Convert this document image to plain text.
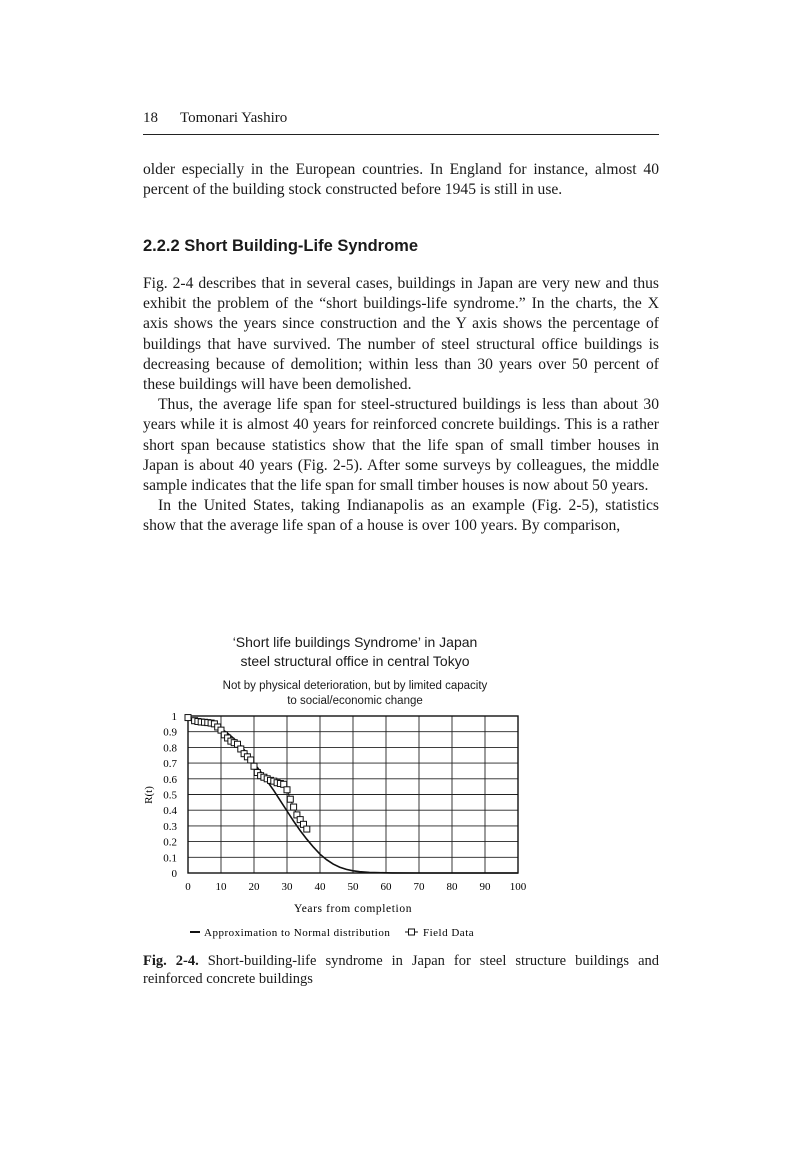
18 Tomonari Yashiro

older especially in the European countries. In England for instance, almost 40 percent of the building stock constructed before 1945 is still in use.

2.2.2 Short Building-Life Syndrome

Fig. 2-4 describes that in several cases, buildings in Japan are very new and thus exhibit the problem of the “short buildings-life syndrome.” In the charts, the X axis shows the years since construction and the Y axis shows the percentage of buildings that have survived. The number of steel structural office buildings is decreasing because of demolition; within less than 30 years over 50 percent of these buildings will have been demolished.

Thus, the average life span for steel-structured buildings is less than about 30 years while it is almost 40 years for reinforced concrete buildings. This is a rather short span because statistics show that the life span of small timber houses in Japan is about 40 years (Fig. 2-5). After some surveys by colleagues, the middle sample indicates that the life span for small timber houses is now about 50 years.

In the United States, taking Indianapolis as an example (Fig. 2-5), statistics show that the average life span of a house is over 100 years. By comparison,

‘Short life buildings Syndrome’ in Japan
steel structural office in central Tokyo
Not by physical deterioration, but by limited capacity
to social/economic change
0
0.1
0.2
0.3
0.4
0.5
0.6
0.7
0.8
0.9
1
0 10 20 30 40 50 60 70 80 90 100
R(t)
Years from completion
Approximation to Normal distribution	Field Data

Fig. 2-4. Short-building-life syndrome in Japan for steel structure buildings and reinforced concrete buildings
